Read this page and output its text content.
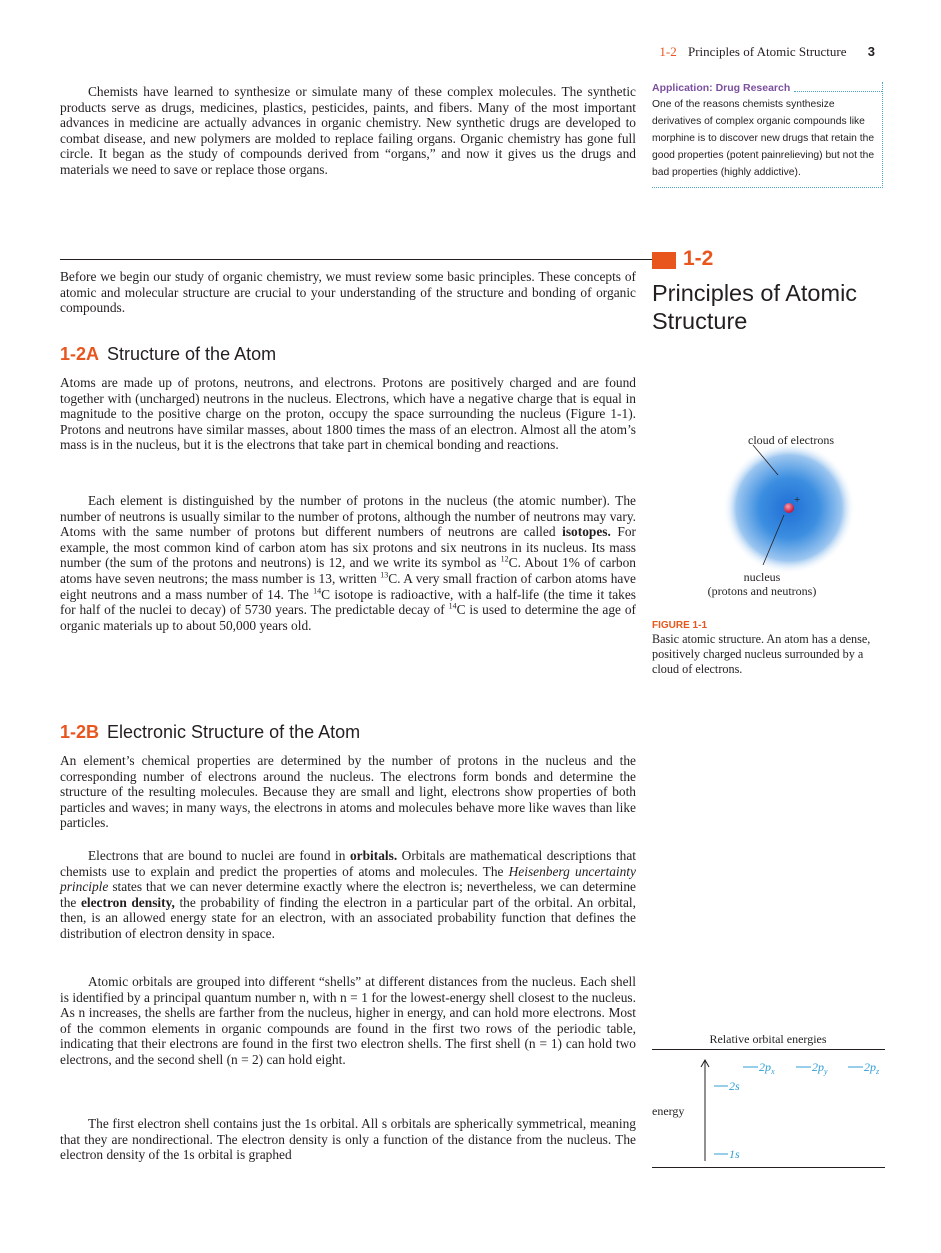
1-2 Principles of Atomic Structure 3

Chemists have learned to synthesize or simulate many of these complex molecules. The synthetic products serve as drugs, medicines, plastics, pesticides, paints, and fibers. Many of the most important advances in medicine are actually advances in organic chemistry. New synthetic drugs are developed to combat disease, and new polymers are molded to replace failing organs. Organic chemistry has gone full circle. It began as the study of compounds derived from “organs,” and now it gives us the drugs and materials we need to save or replace those organs.

Application: Drug Research
One of the reasons chemists synthesize derivatives of complex organic compounds like morphine is to discover new drugs that retain the good properties (potent painrelieving) but not the bad properties (highly addictive).
1-2
Principles of Atomic Structure

Before we begin our study of organic chemistry, we must review some basic principles. These concepts of atomic and molecular structure are crucial to your understanding of the structure and bonding of organic compounds.

1-2A Structure of the Atom

Atoms are made up of protons, neutrons, and electrons. Protons are positively charged and are found together with (uncharged) neutrons in the nucleus. Electrons, which have a negative charge that is equal in magnitude to the positive charge on the proton, occupy the space surrounding the nucleus (Figure 1-1). Protons and neutrons have similar masses, about 1800 times the mass of an electron. Almost all the atom’s mass is in the nucleus, but it is the electrons that take part in chemical bonding and reactions.

Each element is distinguished by the number of protons in the nucleus (the atomic number). The number of neutrons is usually similar to the number of protons, although the number of neutrons may vary. Atoms with the same number of protons but different numbers of neutrons are called isotopes. For example, the most common kind of carbon atom has six protons and six neutrons in its nucleus. Its mass number (the sum of the protons and neutrons) is 12, and we write its symbol as $^{12}$C. About 1% of carbon atoms have seven neutrons; the mass number is 13, written $^{13}$C. A very small fraction of carbon atoms have eight neutrons and a mass number of 14. The $^{14}$C isotope is radioactive, with a half-life (the time it takes for half of the nuclei to decay) of 5730 years. The predictable decay of $^{14}$C is used to determine the age of organic materials up to about 50,000 years old.

1-2B Electronic Structure of the Atom

An element’s chemical properties are determined by the number of protons in the nucleus and the corresponding number of electrons around the nucleus. The electrons form bonds and determine the structure of the resulting molecules. Because they are small and light, electrons show properties of both particles and waves; in many ways, the electrons in atoms and molecules behave more like waves than like particles.

Electrons that are bound to nuclei are found in orbitals. Orbitals are mathematical descriptions that chemists use to explain and predict the properties of atoms and molecules. The Heisenberg uncertainty principle states that we can never determine exactly where the electron is; nevertheless, we can determine the electron density, the probability of finding the electron in a particular part of the orbital. An orbital, then, is an allowed energy state for an electron, with an associated probability function that defines the distribution of electron density in space.

Atomic orbitals are grouped into different “shells” at different distances from the nucleus. Each shell is identified by a principal quantum number n, with n = 1 for the lowest-energy shell closest to the nucleus. As n increases, the shells are farther from the nucleus, higher in energy, and can hold more electrons. Most of the common elements in organic compounds are found in the first two rows of the periodic table, indicating that their electrons are found in the first two electron shells. The first shell (n = 1) can hold two electrons, and the second shell (n = 2) can hold eight.

The first electron shell contains just the 1s orbital. All s orbitals are spherically symmetrical, meaning that they are nondirectional. The electron density is only a function of the distance from the nucleus. The electron density of the 1s orbital is graphed

cloud of electrons
+
nucleus
(protons and neutrons)
FIGURE 1-1
Basic atomic structure. An atom has a dense, positively charged nucleus surrounded by a cloud of electrons.
Relative orbital energies
energy
$2p_x$	$2p_y$	$2p_z$
2s
1s
